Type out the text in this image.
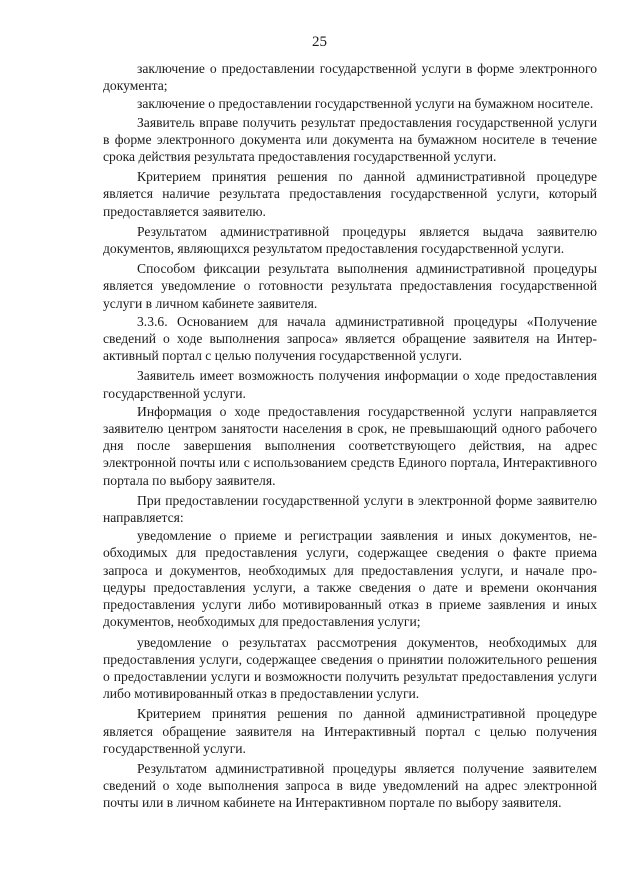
25

заключение о предоставлении государственной услуги в форме электронного документа;

заключение о предоставлении государственной услуги на бумажном носителе.

Заявитель вправе получить результат предоставления государственной услуги в форме электронного документа или документа на бумажном носителе в течение срока действия результата предоставления государственной услуги.

Критерием принятия решения по данной административной процедуре является наличие результата предоставления государственной услуги, который предоставляется заявителю.

Результатом административной процедуры является выдача заявителю документов, являющихся результатом предоставления государственной услуги.

Способом фиксации результата выполнения административной процедуры является уведомление о готовности результата предоставления государственной услуги в личном кабинете заявителя.

3.3.6. Основанием для начала административной процедуры «Получение сведений о ходе выполнения запроса» является обращение заявителя на Интерактивный портал с целью получения государственной услуги.

Заявитель имеет возможность получения информации о ходе предоставления государственной услуги.

Информация о ходе предоставления государственной услуги направляется заявителю центром занятости населения в срок, не превышающий одного рабочего дня после завершения выполнения соответствующего действия, на адрес электронной почты или с использованием средств Единого портала, Интерактивного портала по выбору заявителя.

При предоставлении государственной услуги в электронной форме заявителю направляется:

уведомление о приеме и регистрации заявления и иных документов, необходимых для предоставления услуги, содержащее сведения о факте приема запроса и документов, необходимых для предоставления услуги, и начале процедуры предоставления услуги, а также сведения о дате и времени окончания предоставления услуги либо мотивированный отказ в приеме заявления и иных документов, необходимых для предоставления услуги;

уведомление о результатах рассмотрения документов, необходимых для предоставления услуги, содержащее сведения о принятии положительного решения о предоставлении услуги и возможности получить результат предоставления услуги либо мотивированный отказ в предоставлении услуги.

Критерием принятия решения по данной административной процедуре является обращение заявителя на Интерактивный портал с целью получения государственной услуги.

Результатом административной процедуры является получение заявителем сведений о ходе выполнения запроса в виде уведомлений на адрес электронной почты или в личном кабинете на Интерактивном портале по выбору заявителя.
